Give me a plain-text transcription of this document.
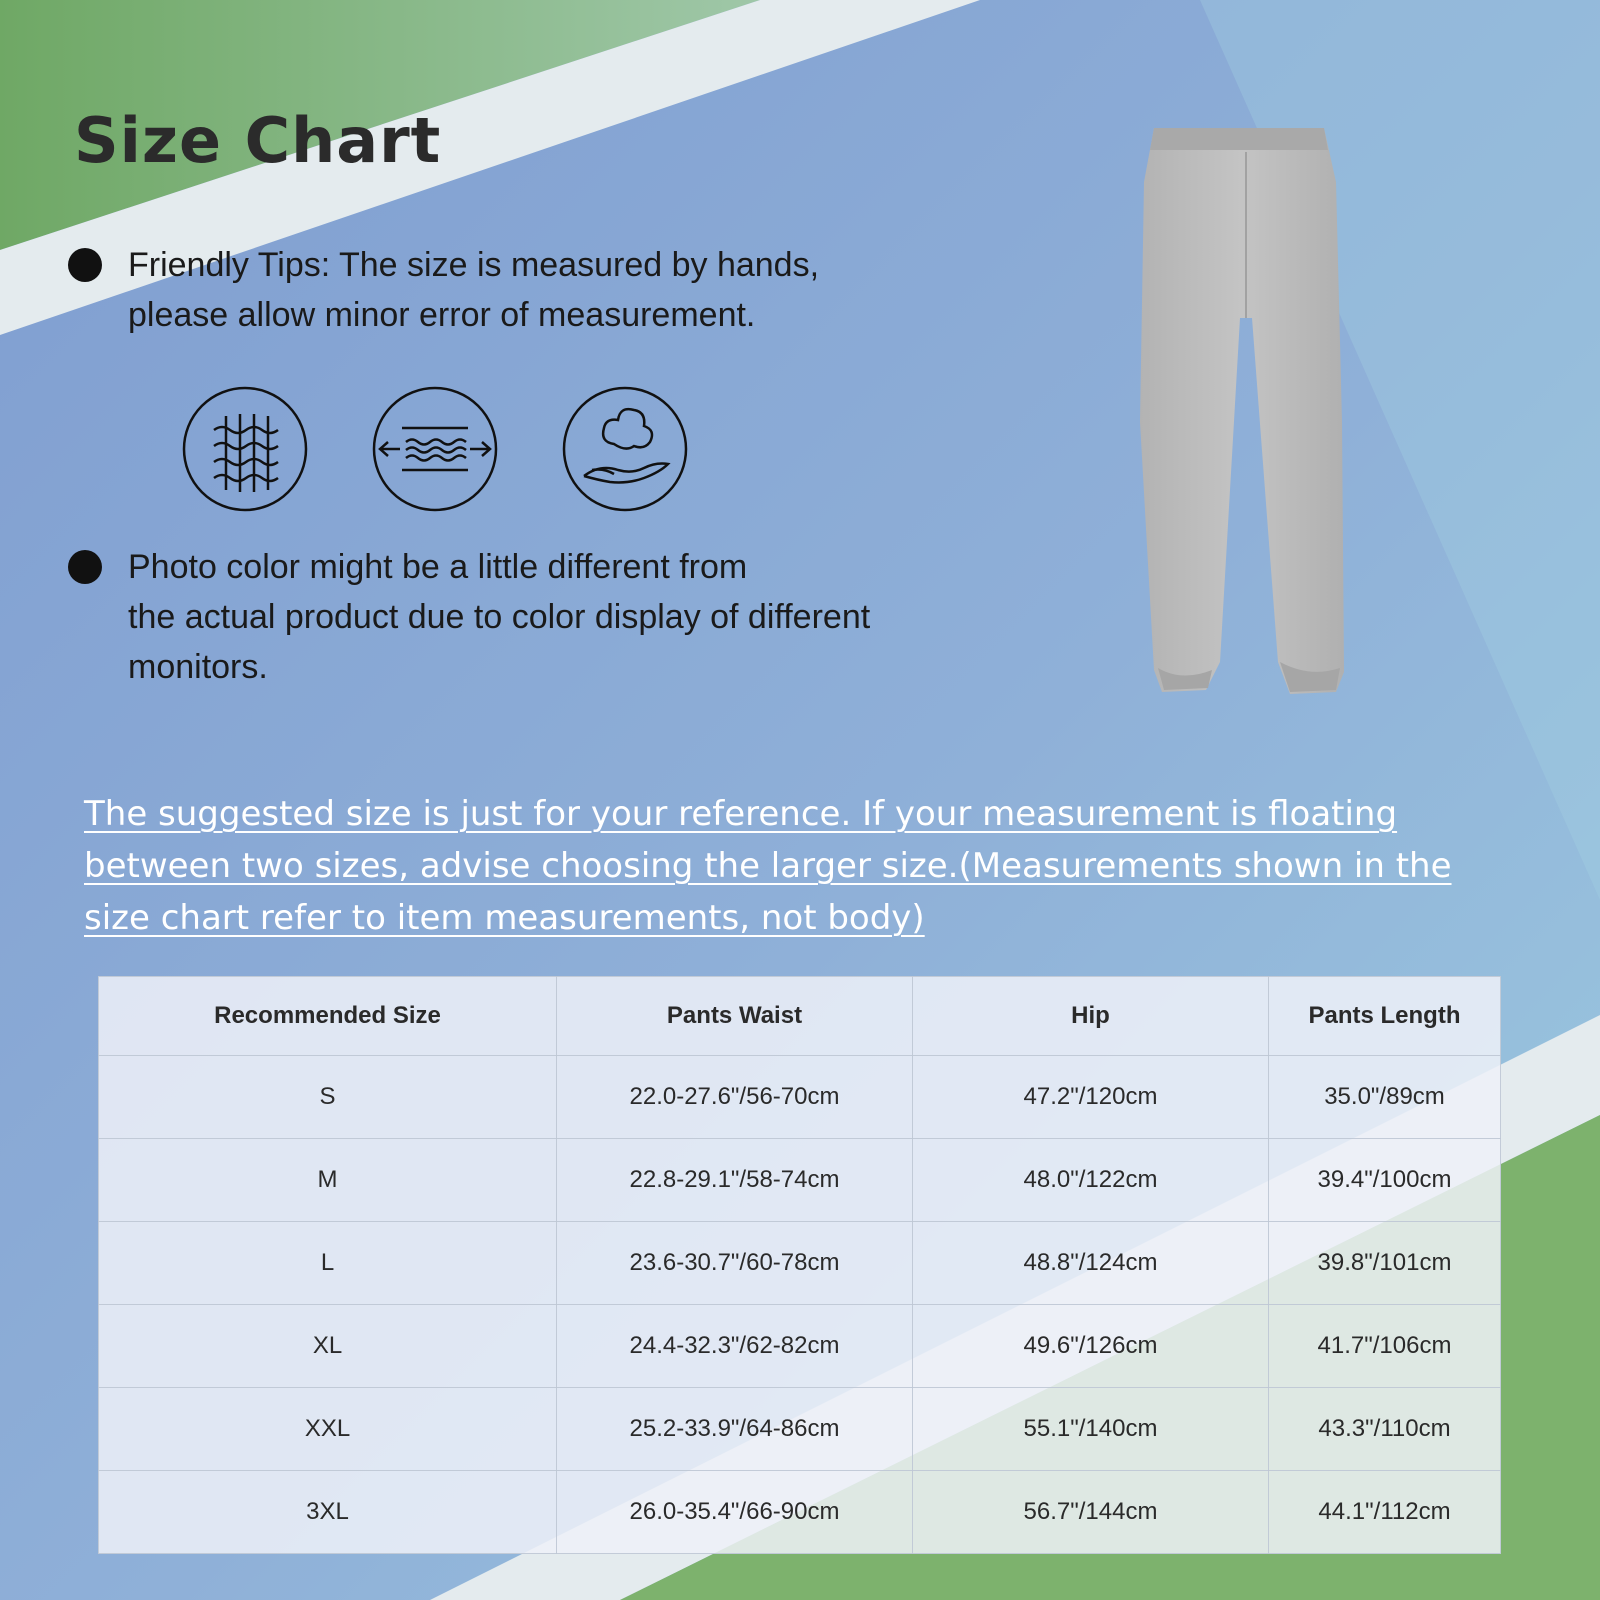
Size Chart
Friendly Tips: The size is measured by hands,
please allow minor error of measurement.
Photo color might be a little different from
the actual product due to color display of different
monitors.

The suggested size is just for your reference. If your measurement is floating between two sizes, advise choosing the larger size.(Measurements shown in the size chart refer to item measurements, not body)

Recommended Size	Pants Waist	Hip	Pants Length
S	22.0-27.6"/56-70cm	47.2"/120cm	35.0"/89cm
M	22.8-29.1"/58-74cm	48.0"/122cm	39.4"/100cm
L	23.6-30.7"/60-78cm	48.8"/124cm	39.8"/101cm
XL	24.4-32.3"/62-82cm	49.6"/126cm	41.7"/106cm
XXL	25.2-33.9"/64-86cm	55.1"/140cm	43.3"/110cm
3XL	26.0-35.4"/66-90cm	56.7"/144cm	44.1"/112cm
